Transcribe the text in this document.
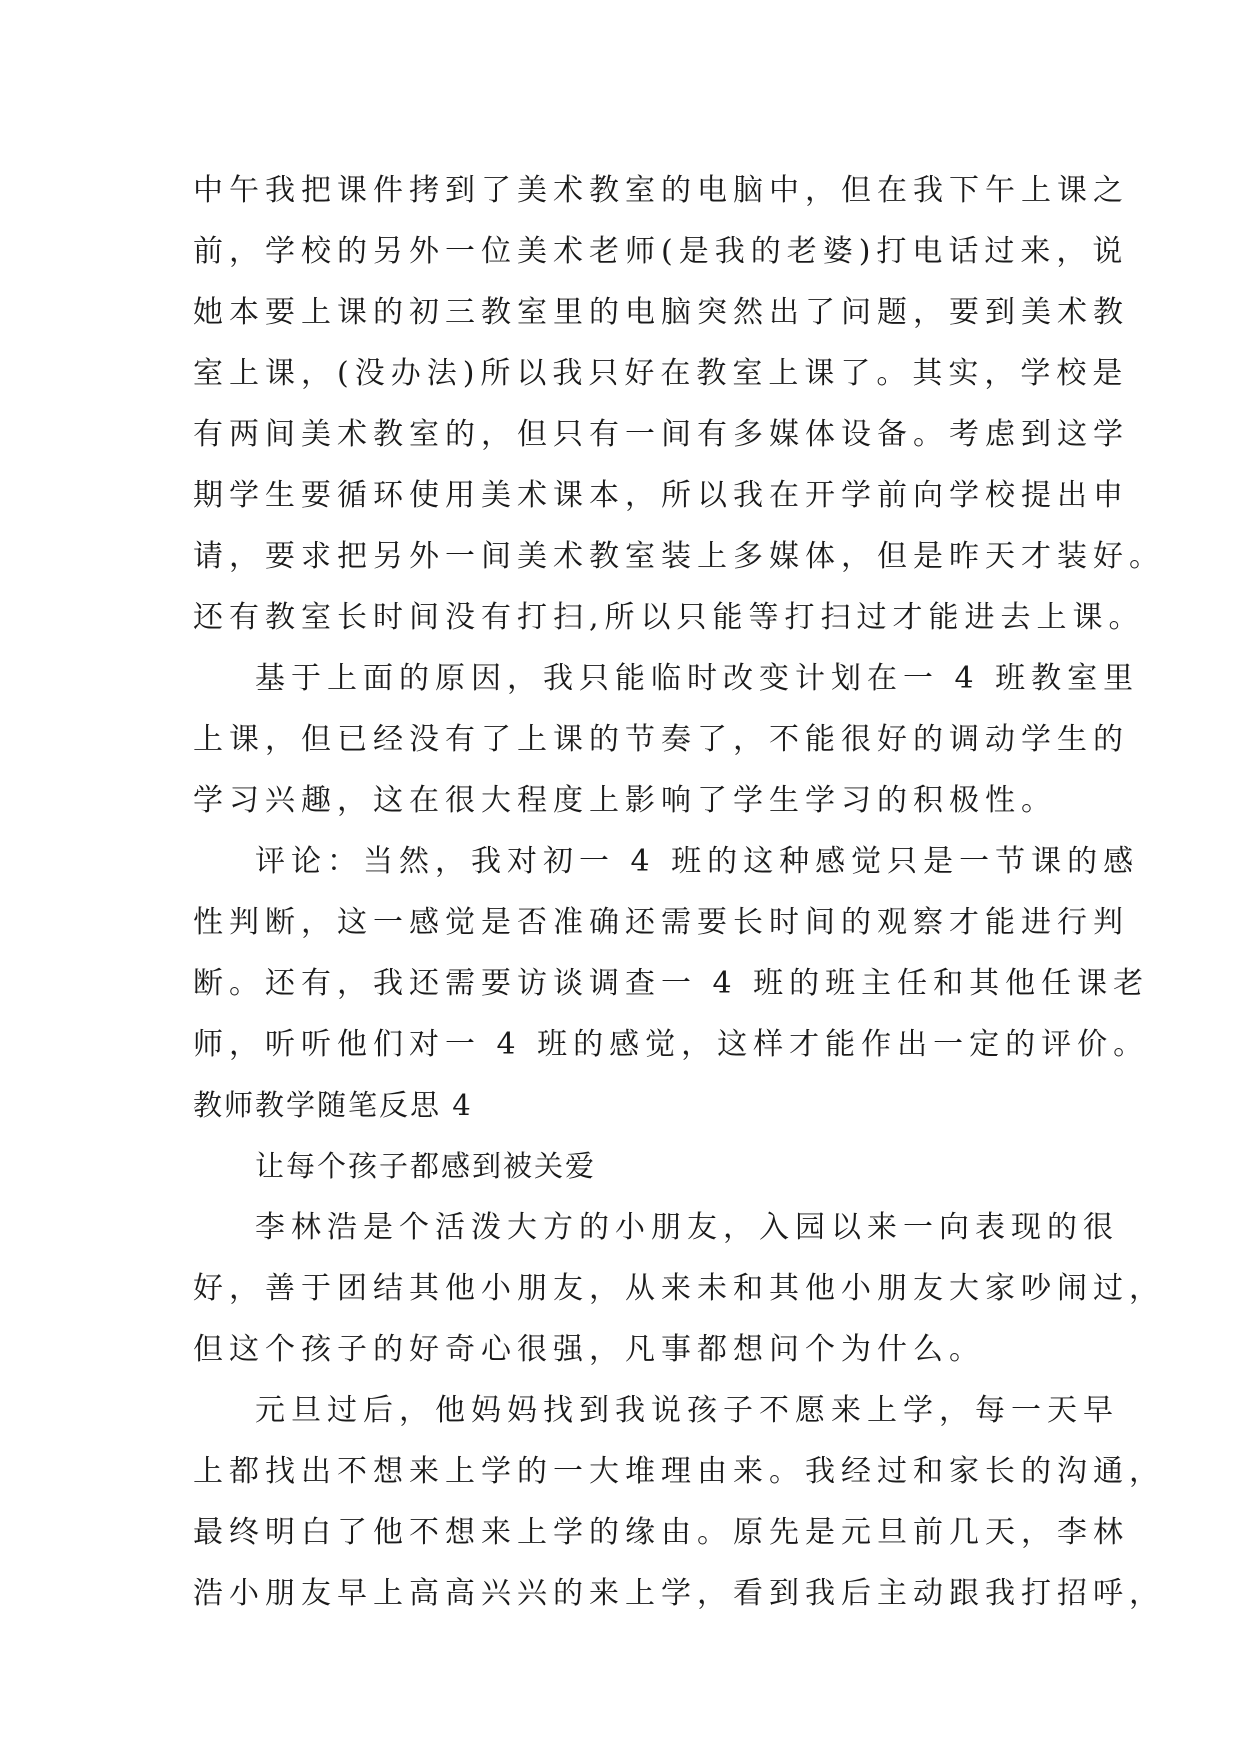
中午我把课件拷到了美术教室的电脑中，但在我下午上课之
前，学校的另外一位美术老师(是我的老婆)打电话过来，说
她本要上课的初三教室里的电脑突然出了问题，要到美术教
室上课，(没办法)所以我只好在教室上课了。其实，学校是
有两间美术教室的，但只有一间有多媒体设备。考虑到这学
期学生要循环使用美术课本，所以我在开学前向学校提出申
请，要求把另外一间美术教室装上多媒体，但是昨天才装好。
还有教室长时间没有打扫,所以只能等打扫过才能进去上课。
基于上面的原因，我只能临时改变计划在一 4 班教室里
上课，但已经没有了上课的节奏了，不能很好的调动学生的
学习兴趣，这在很大程度上影响了学生学习的积极性。
评论：当然，我对初一 4 班的这种感觉只是一节课的感
性判断，这一感觉是否准确还需要长时间的观察才能进行判
断。还有，我还需要访谈调查一 4 班的班主任和其他任课老
师，听听他们对一 4 班的感觉，这样才能作出一定的评价。
教师教学随笔反思 4
让每个孩子都感到被关爱
李林浩是个活泼大方的小朋友，入园以来一向表现的很
好，善于团结其他小朋友，从来未和其他小朋友大家吵闹过，
但这个孩子的好奇心很强，凡事都想问个为什么。
元旦过后，他妈妈找到我说孩子不愿来上学，每一天早
上都找出不想来上学的一大堆理由来。我经过和家长的沟通，
最终明白了他不想来上学的缘由。原先是元旦前几天，李林
浩小朋友早上高高兴兴的来上学，看到我后主动跟我打招呼，
